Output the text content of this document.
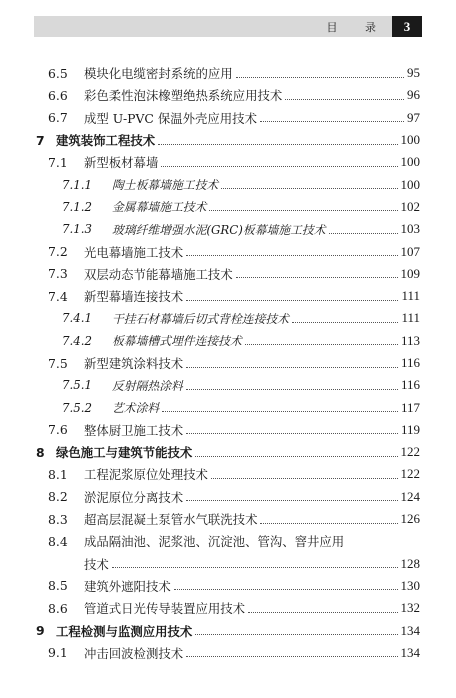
目 录	3
6.5 模块化电缆密封系统的应用	95
6.6 彩色柔性泡沫橡塑绝热系统应用技术	96
6.7 成型 U-PVC 保温外壳应用技术	97
7 建筑装饰工程技术	100
7.1 新型板材幕墙	100
7.1.1 陶土板幕墙施工技术	100
7.1.2 金属幕墙施工技术	102
7.1.3 玻璃纤维增强水泥(GRC)板幕墙施工技术	103
7.2 光电幕墙施工技术	107
7.3 双层动态节能幕墙施工技术	109
7.4 新型幕墙连接技术	111
7.4.1 干挂石材幕墙后切式背栓连接技术	111
7.4.2 板幕墙槽式埋件连接技术	113
7.5 新型建筑涂料技术	116
7.5.1 反射隔热涂料	116
7.5.2 艺术涂料	117
7.6 整体厨卫施工技术	119
8 绿色施工与建筑节能技术	122
8.1 工程泥浆原位处理技术	122
8.2 淤泥原位分离技术	124
8.3 超高层混凝土泵管水气联洗技术	126
8.4 成品隔油池、泥浆池、沉淀池、管沟、窨井应用
技术	128
8.5 建筑外遮阳技术	130
8.6 管道式日光传导装置应用技术	132
9 工程检测与监测应用技术	134
9.1 冲击回波检测技术	134
